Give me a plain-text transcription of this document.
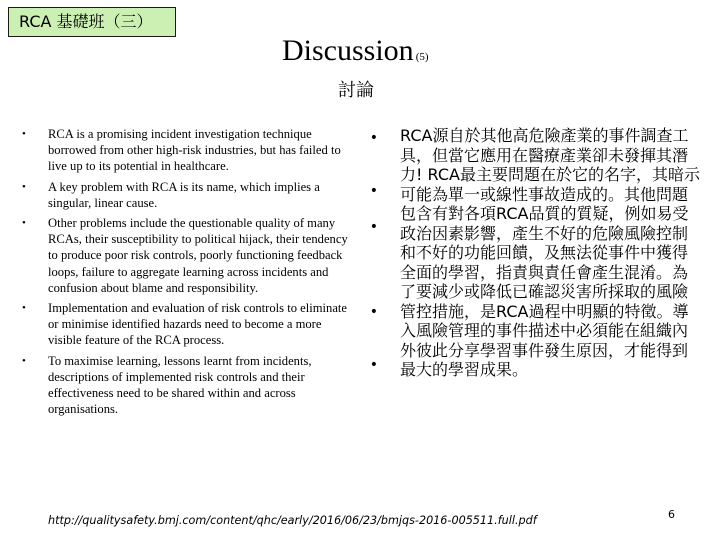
RCA 基礎班（三）
Discussion (5)
討論
• RCA is a promising incident investigation technique borrowed from other high-risk industries, but has failed to live up to its potential in healthcare.
•
• A key problem with RCA is its name, which implies a singular, linear cause.
•
• Other problems include the questionable quality of many RCAs, their susceptibility to political hijack, their tendency to produce poor risk controls, poorly functioning feedback loops, failure to aggregate learning across incidents and confusion about blame and responsibility.
•
• Implementation and evaluation of risk controls to eliminate or minimise identified hazards need to become a more visible feature of the RCA process.
•
• To maximise learning, lessons learnt from incidents, descriptions of implemented risk controls and their effectiveness need to be shared within and across organisations.
•

RCA源自於其他高危險產業的事件調查工具，但當它應用在醫療產業卻未發揮其潛力! RCA最主要問題在於它的名字，其暗示可能為單一或線性事故造成的。其他問題包含有對各項RCA品質的質疑，例如易受政治因素影響，產生不好的危險風險控制和不好的功能回饋，及無法從事件中獲得全面的學習，指責與責任會產生混淆。為了要減少或降低已確認災害所採取的風險管控措施，是RCA過程中明顯的特徵。導入風險管理的事件描述中必須能在組織內外彼此分享學習事件發生原因，才能得到最大的學習成果。

http://qualitysafety.bmj.com/content/qhc/early/2016/06/23/bmjqs-2016-005511.full.pdf	6
